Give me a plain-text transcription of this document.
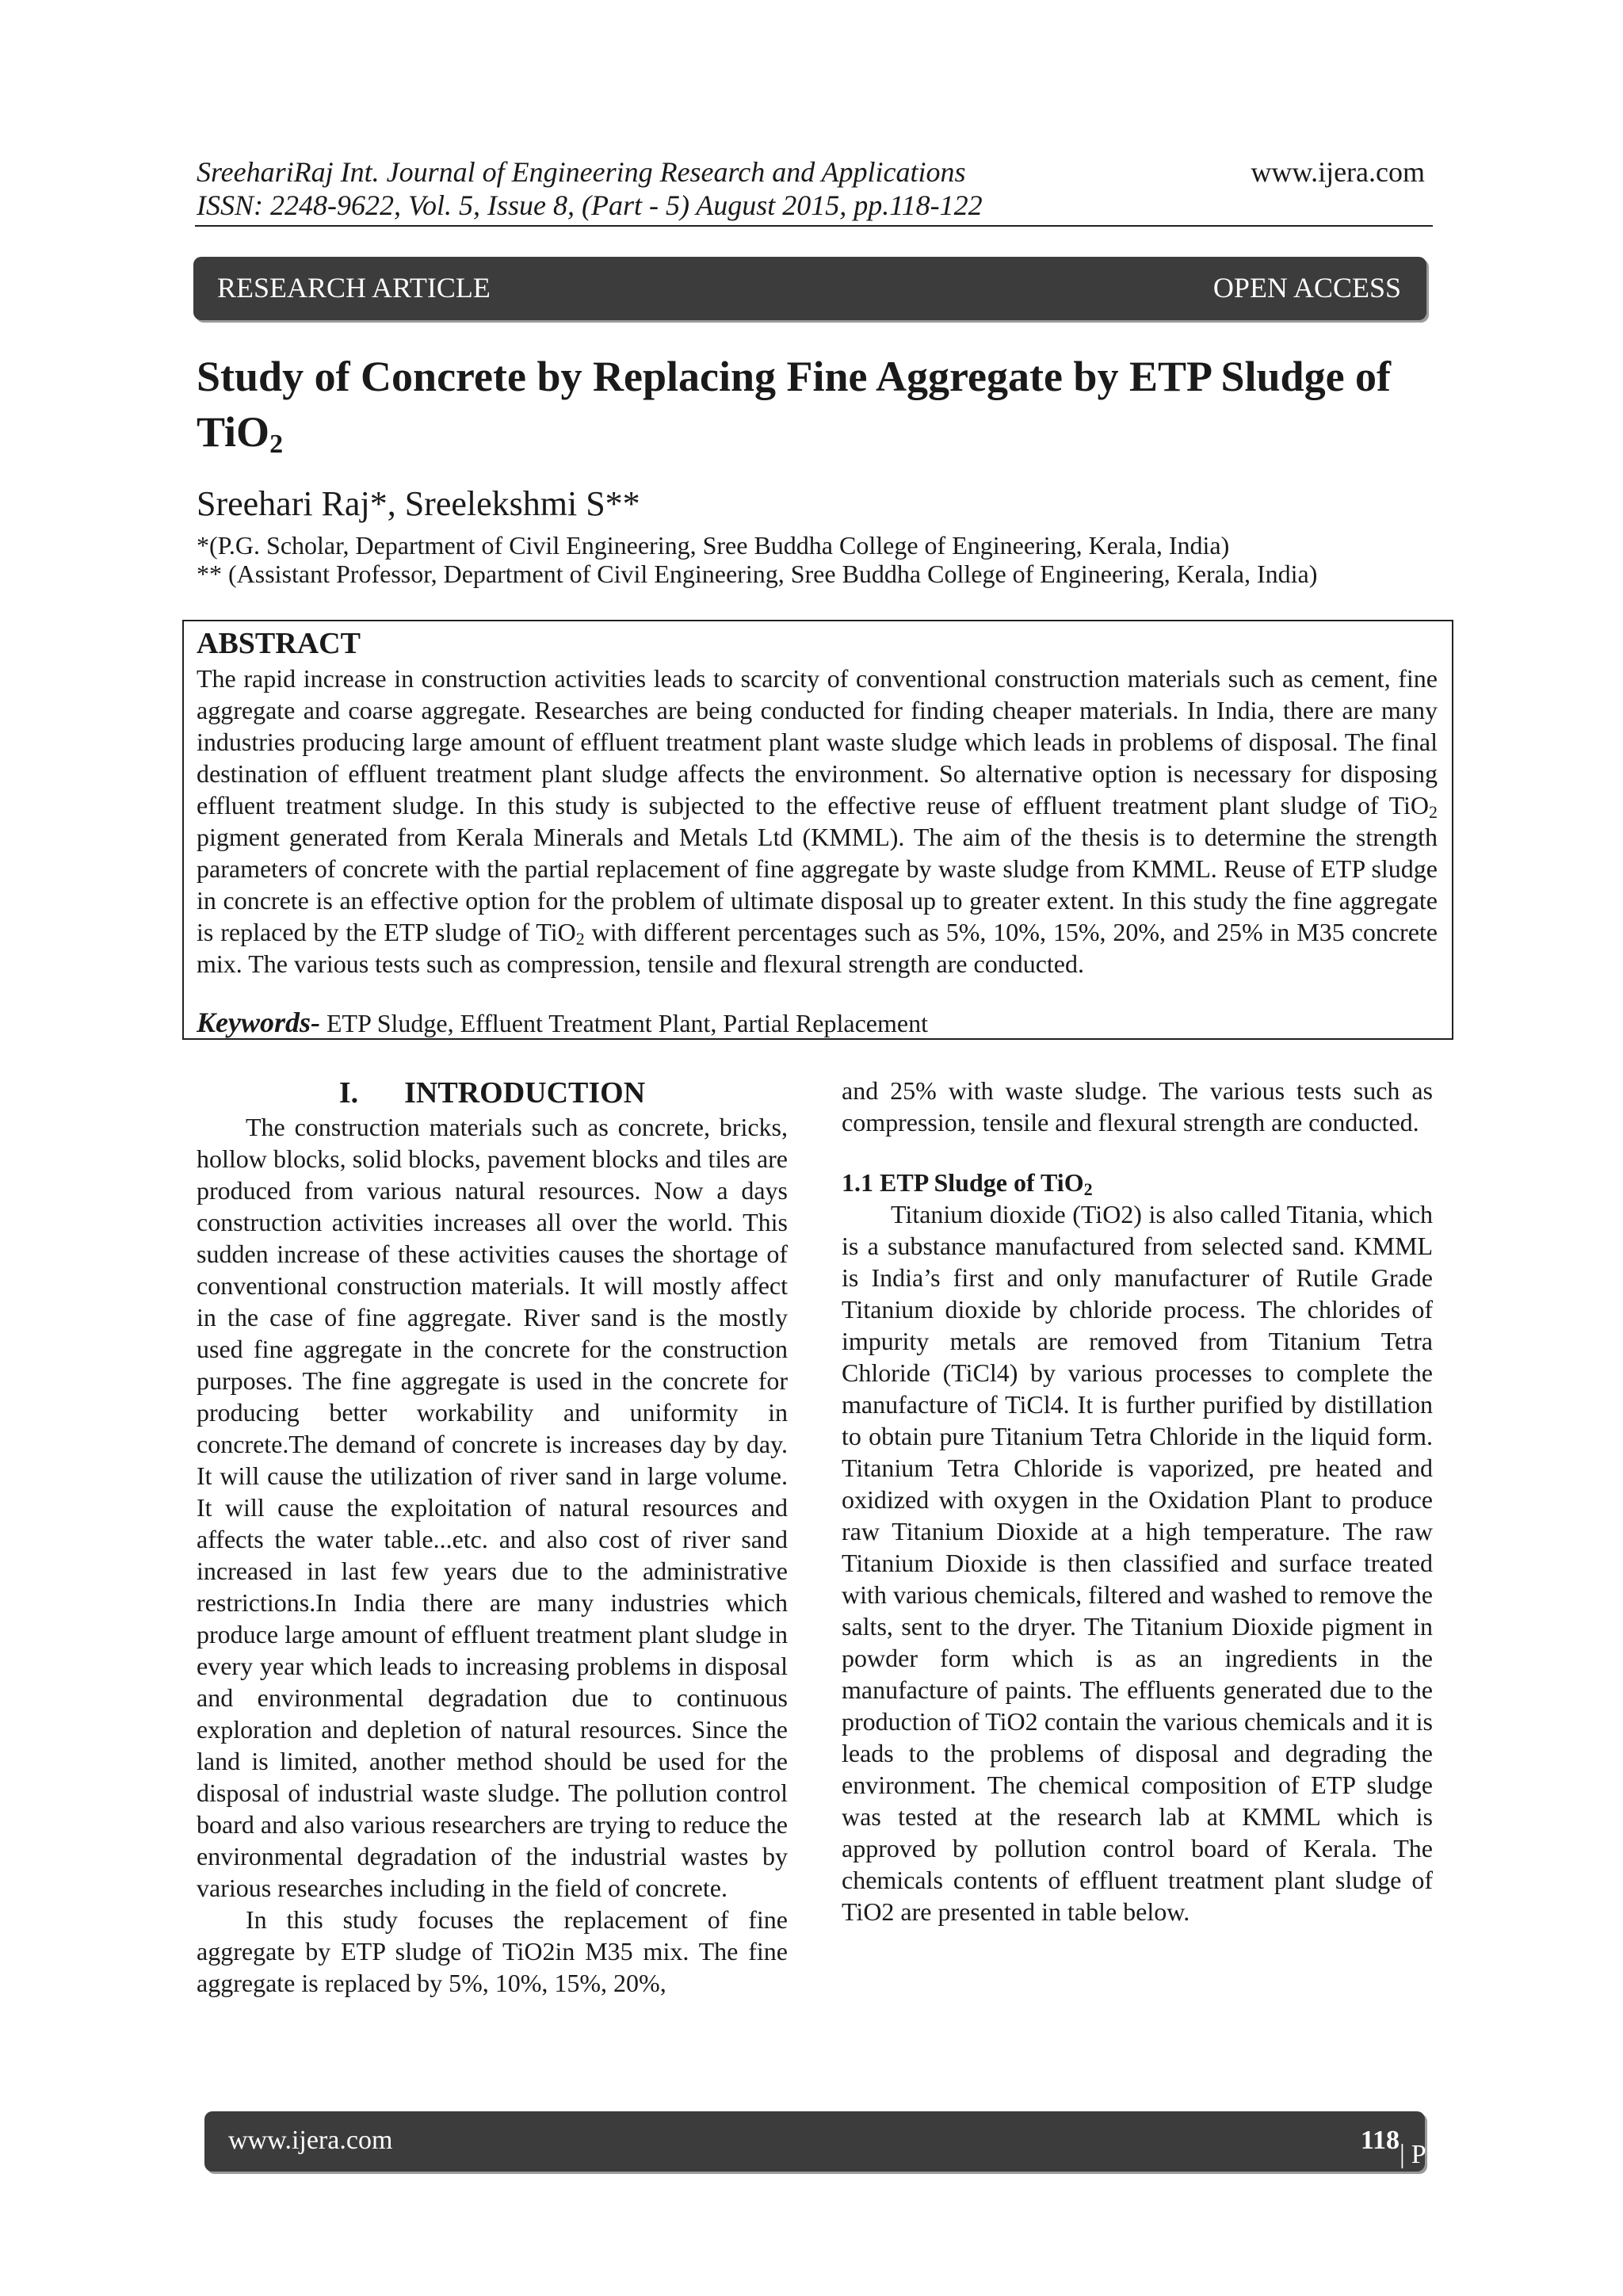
SreehariRaj Int. Journal of Engineering Research and Applications
ISSN: 2248-9622, Vol. 5, Issue 8, (Part - 5) August 2015, pp.118-122
www.ijera.com
RESEARCH ARTICLE	OPEN ACCESS
Study of Concrete by Replacing Fine Aggregate by ETP Sludge of TiO$_2$
Sreehari Raj*, Sreelekshmi S**
*(P.G. Scholar, Department of Civil Engineering, Sree Buddha College of Engineering, Kerala, India)
** (Assistant Professor, Department of Civil Engineering, Sree Buddha College of Engineering, Kerala, India)
ABSTRACT
The rapid increase in construction activities leads to scarcity of conventional construction materials such as cement, fine aggregate and coarse aggregate. Researches are being conducted for finding cheaper materials. In India, there are many industries producing large amount of effluent treatment plant waste sludge which leads in problems of disposal. The final destination of effluent treatment plant sludge affects the environment. So alternative option is necessary for disposing effluent treatment sludge. In this study is subjected to the effective reuse of effluent treatment plant sludge of TiO$_2$ pigment generated from Kerala Minerals and Metals Ltd (KMML). The aim of the thesis is to determine the strength parameters of concrete with the partial replacement of fine aggregate by waste sludge from KMML. Reuse of ETP sludge in concrete is an effective option for the problem of ultimate disposal up to greater extent. In this study the fine aggregate is replaced by the ETP sludge of TiO$_2$ with different percentages such as 5%, 10%, 15%, 20%, and 25% in M35 concrete mix. The various tests such as compression, tensile and flexural strength are conducted.
Keywords- ETP Sludge, Effluent Treatment Plant, Partial Replacement

I. INTRODUCTION

The construction materials such as concrete, bricks, hollow blocks, solid blocks, pavement blocks and tiles are produced from various natural resources. Now a days construction activities increases all over the world. This sudden increase of these activities causes the shortage of conventional construction materials. It will mostly affect in the case of fine aggregate. River sand is the mostly used fine aggregate in the concrete for the construction purposes. The fine aggregate is used in the concrete for producing better workability and uniformity in concrete.The demand of concrete is increases day by day. It will cause the utilization of river sand in large volume. It will cause the exploitation of natural resources and affects the water table...etc. and also cost of river sand increased in last few years due to the administrative restrictions.In India there are many industries which produce large amount of effluent treatment plant sludge in every year which leads to increasing problems in disposal and environmental degradation due to continuous exploration and depletion of natural resources. Since the land is limited, another method should be used for the disposal of industrial waste sludge. The pollution control board and also various researchers are trying to reduce the environmental degradation of the industrial wastes by various researches including in the field of concrete.

In this study focuses the replacement of fine aggregate by ETP sludge of TiO2in M35 mix. The fine aggregate is replaced by 5%, 10%, 15%, 20%,

and 25% with waste sludge. The various tests such as compression, tensile and flexural strength are conducted.

1.1 ETP Sludge of TiO$_2$

Titanium dioxide (TiO2) is also called Titania, which is a substance manufactured from selected sand. KMML is India’s first and only manufacturer of Rutile Grade Titanium dioxide by chloride process. The chlorides of impurity metals are removed from Titanium Tetra Chloride (TiCl4) by various processes to complete the manufacture of TiCl4. It is further purified by distillation to obtain pure Titanium Tetra Chloride in the liquid form. Titanium Tetra Chloride is vaporized, pre heated and oxidized with oxygen in the Oxidation Plant to produce raw Titanium Dioxide at a high temperature. The raw Titanium Dioxide is then classified and surface treated with various chemicals, filtered and washed to remove the salts, sent to the dryer. The Titanium Dioxide pigment in powder form which is as an ingredients in the manufacture of paints. The effluents generated due to the production of TiO2 contain the various chemicals and it is leads to the problems of disposal and degrading the environment. The chemical composition of ETP sludge was tested at the research lab at KMML which is approved by pollution control board of Kerala. The chemicals contents of effluent treatment plant sludge of TiO2 are presented in table below.

www.ijera.com	118 |P a g e
